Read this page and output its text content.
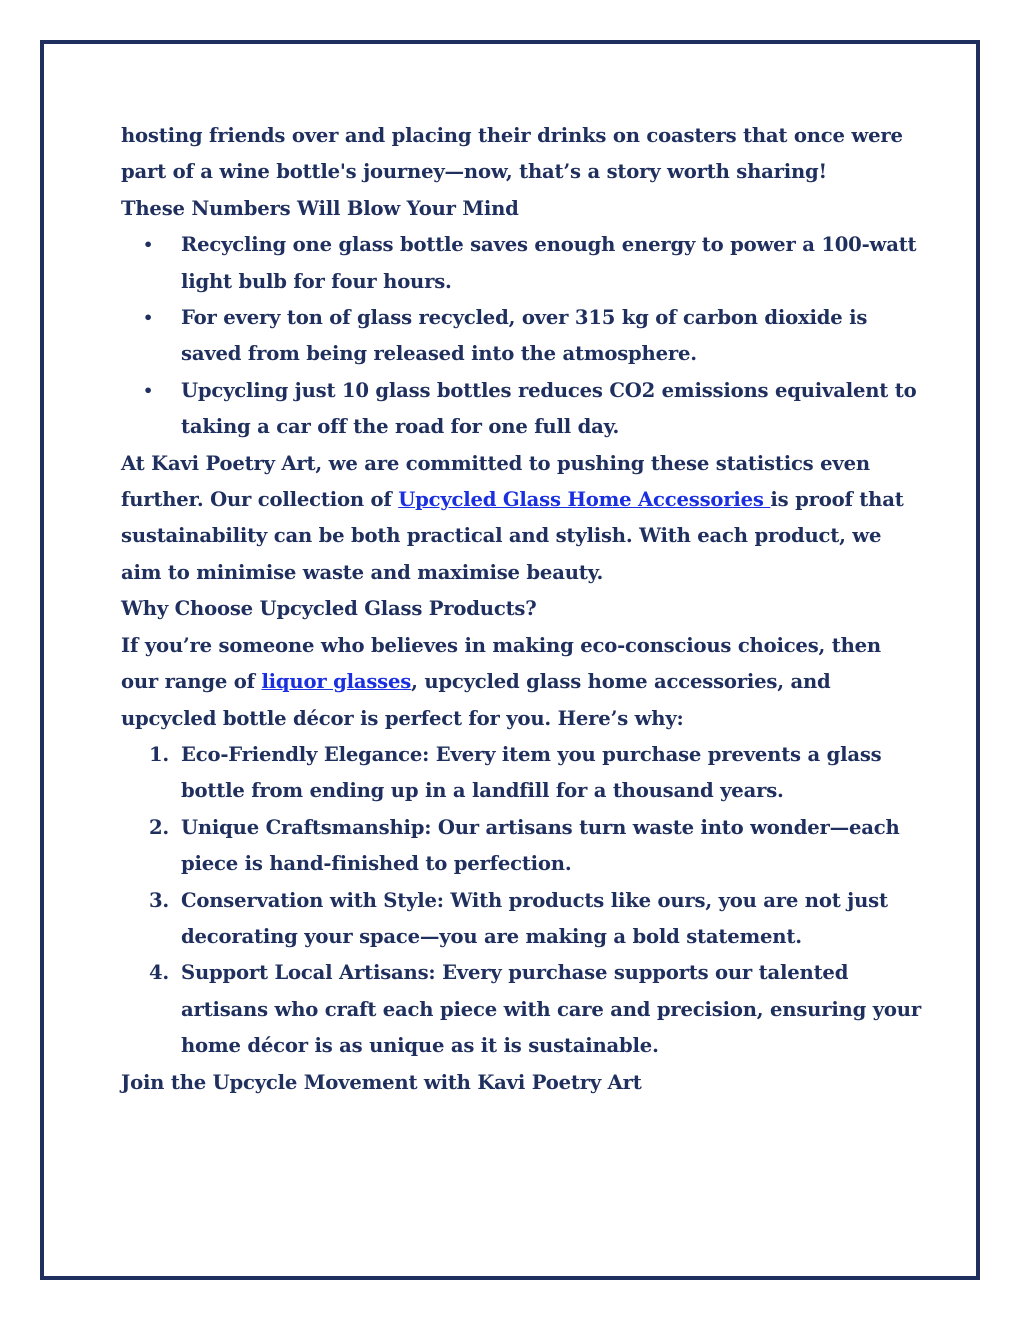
hosting friends over and placing their drinks on coasters that once were part of a wine bottle's journey—now, that’s a story worth sharing!

These Numbers Will Blow Your Mind

• Recycling one glass bottle saves enough energy to power a 100-watt light bulb for four hours.
• For every ton of glass recycled, over 315 kg of carbon dioxide is saved from being released into the atmosphere.
• Upcycling just 10 glass bottles reduces CO2 emissions equivalent to taking a car off the road for one full day.

At Kavi Poetry Art, we are committed to pushing these statistics even further. Our collection of Upcycled Glass Home Accessories is proof that sustainability can be both practical and stylish. With each product, we aim to minimise waste and maximise beauty.

Why Choose Upcycled Glass Products?

If you’re someone who believes in making eco-conscious choices, then our range of liquor glasses, upcycled glass home accessories, and upcycled bottle décor is perfect for you. Here’s why:

1. Eco-Friendly Elegance: Every item you purchase prevents a glass bottle from ending up in a landfill for a thousand years.
2. Unique Craftsmanship: Our artisans turn waste into wonder—each piece is hand-finished to perfection.
3. Conservation with Style: With products like ours, you are not just decorating your space—you are making a bold statement.
4. Support Local Artisans: Every purchase supports our talented artisans who craft each piece with care and precision, ensuring your home décor is as unique as it is sustainable.

Join the Upcycle Movement with Kavi Poetry Art
